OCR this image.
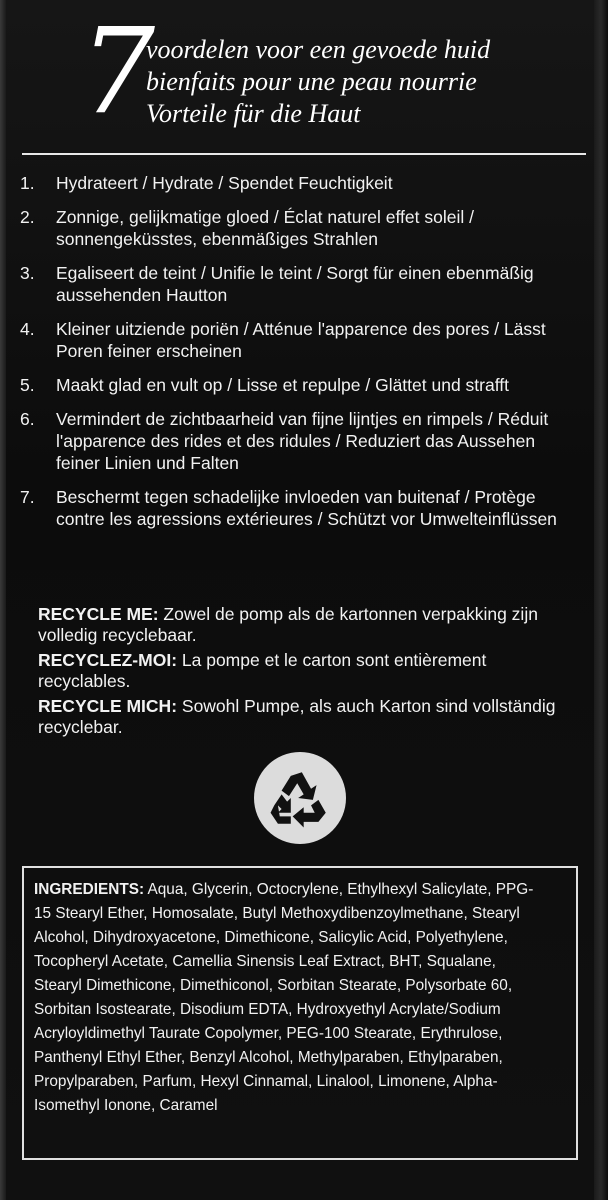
7
voordelen voor een gevoede huid
bienfaits pour une peau nourrie
Vorteile für die Haut
1. Hydrateert / Hydrate / Spendet Feuchtigkeit
2. Zonnige, gelijkmatige gloed / Éclat naturel effet soleil / sonnengeküsstes, ebenmäßiges Strahlen
3. Egaliseert de teint / Unifie le teint / Sorgt für einen ebenmäßig aussehenden Hautton
4. Kleiner uitziende poriën / Atténue l'apparence des pores / Lässt Poren feiner erscheinen
5. Maakt glad en vult op / Lisse et repulpe / Glättet und strafft
6. Vermindert de zichtbaarheid van fijne lijntjes en rimpels / Réduit l'apparence des rides et des ridules / Reduziert das Aussehen feiner Linien und Falten
7. Beschermt tegen schadelijke invloeden van buitenaf / Protège contre les agressions extérieures / Schützt vor Umwelteinflüssen
RECYCLE ME: Zowel de pomp als de kartonnen verpakking zijn volledig recyclebaar.
RECYCLEZ-MOI: La pompe et le carton sont entièrement recyclables.
RECYCLE MICH: Sowohl Pumpe, als auch Karton sind vollständig recyclebar.
INGREDIENTS: Aqua, Glycerin, Octocrylene, Ethylhexyl Salicylate, PPG-15 Stearyl Ether, Homosalate, Butyl Methoxydibenzoylmethane, Stearyl Alcohol, Dihydroxyacetone, Dimethicone, Salicylic Acid, Polyethylene, Tocopheryl Acetate, Camellia Sinensis Leaf Extract, BHT, Squalane, Stearyl Dimethicone, Dimethiconol, Sorbitan Stearate, Polysorbate 60, Sorbitan Isostearate, Disodium EDTA, Hydroxyethyl Acrylate/Sodium Acryloyldimethyl Taurate Copolymer, PEG-100 Stearate, Erythrulose, Panthenyl Ethyl Ether, Benzyl Alcohol, Methylparaben, Ethylparaben, Propylparaben, Parfum, Hexyl Cinnamal, Linalool, Limonene, Alpha-Isomethyl Ionone, Caramel
